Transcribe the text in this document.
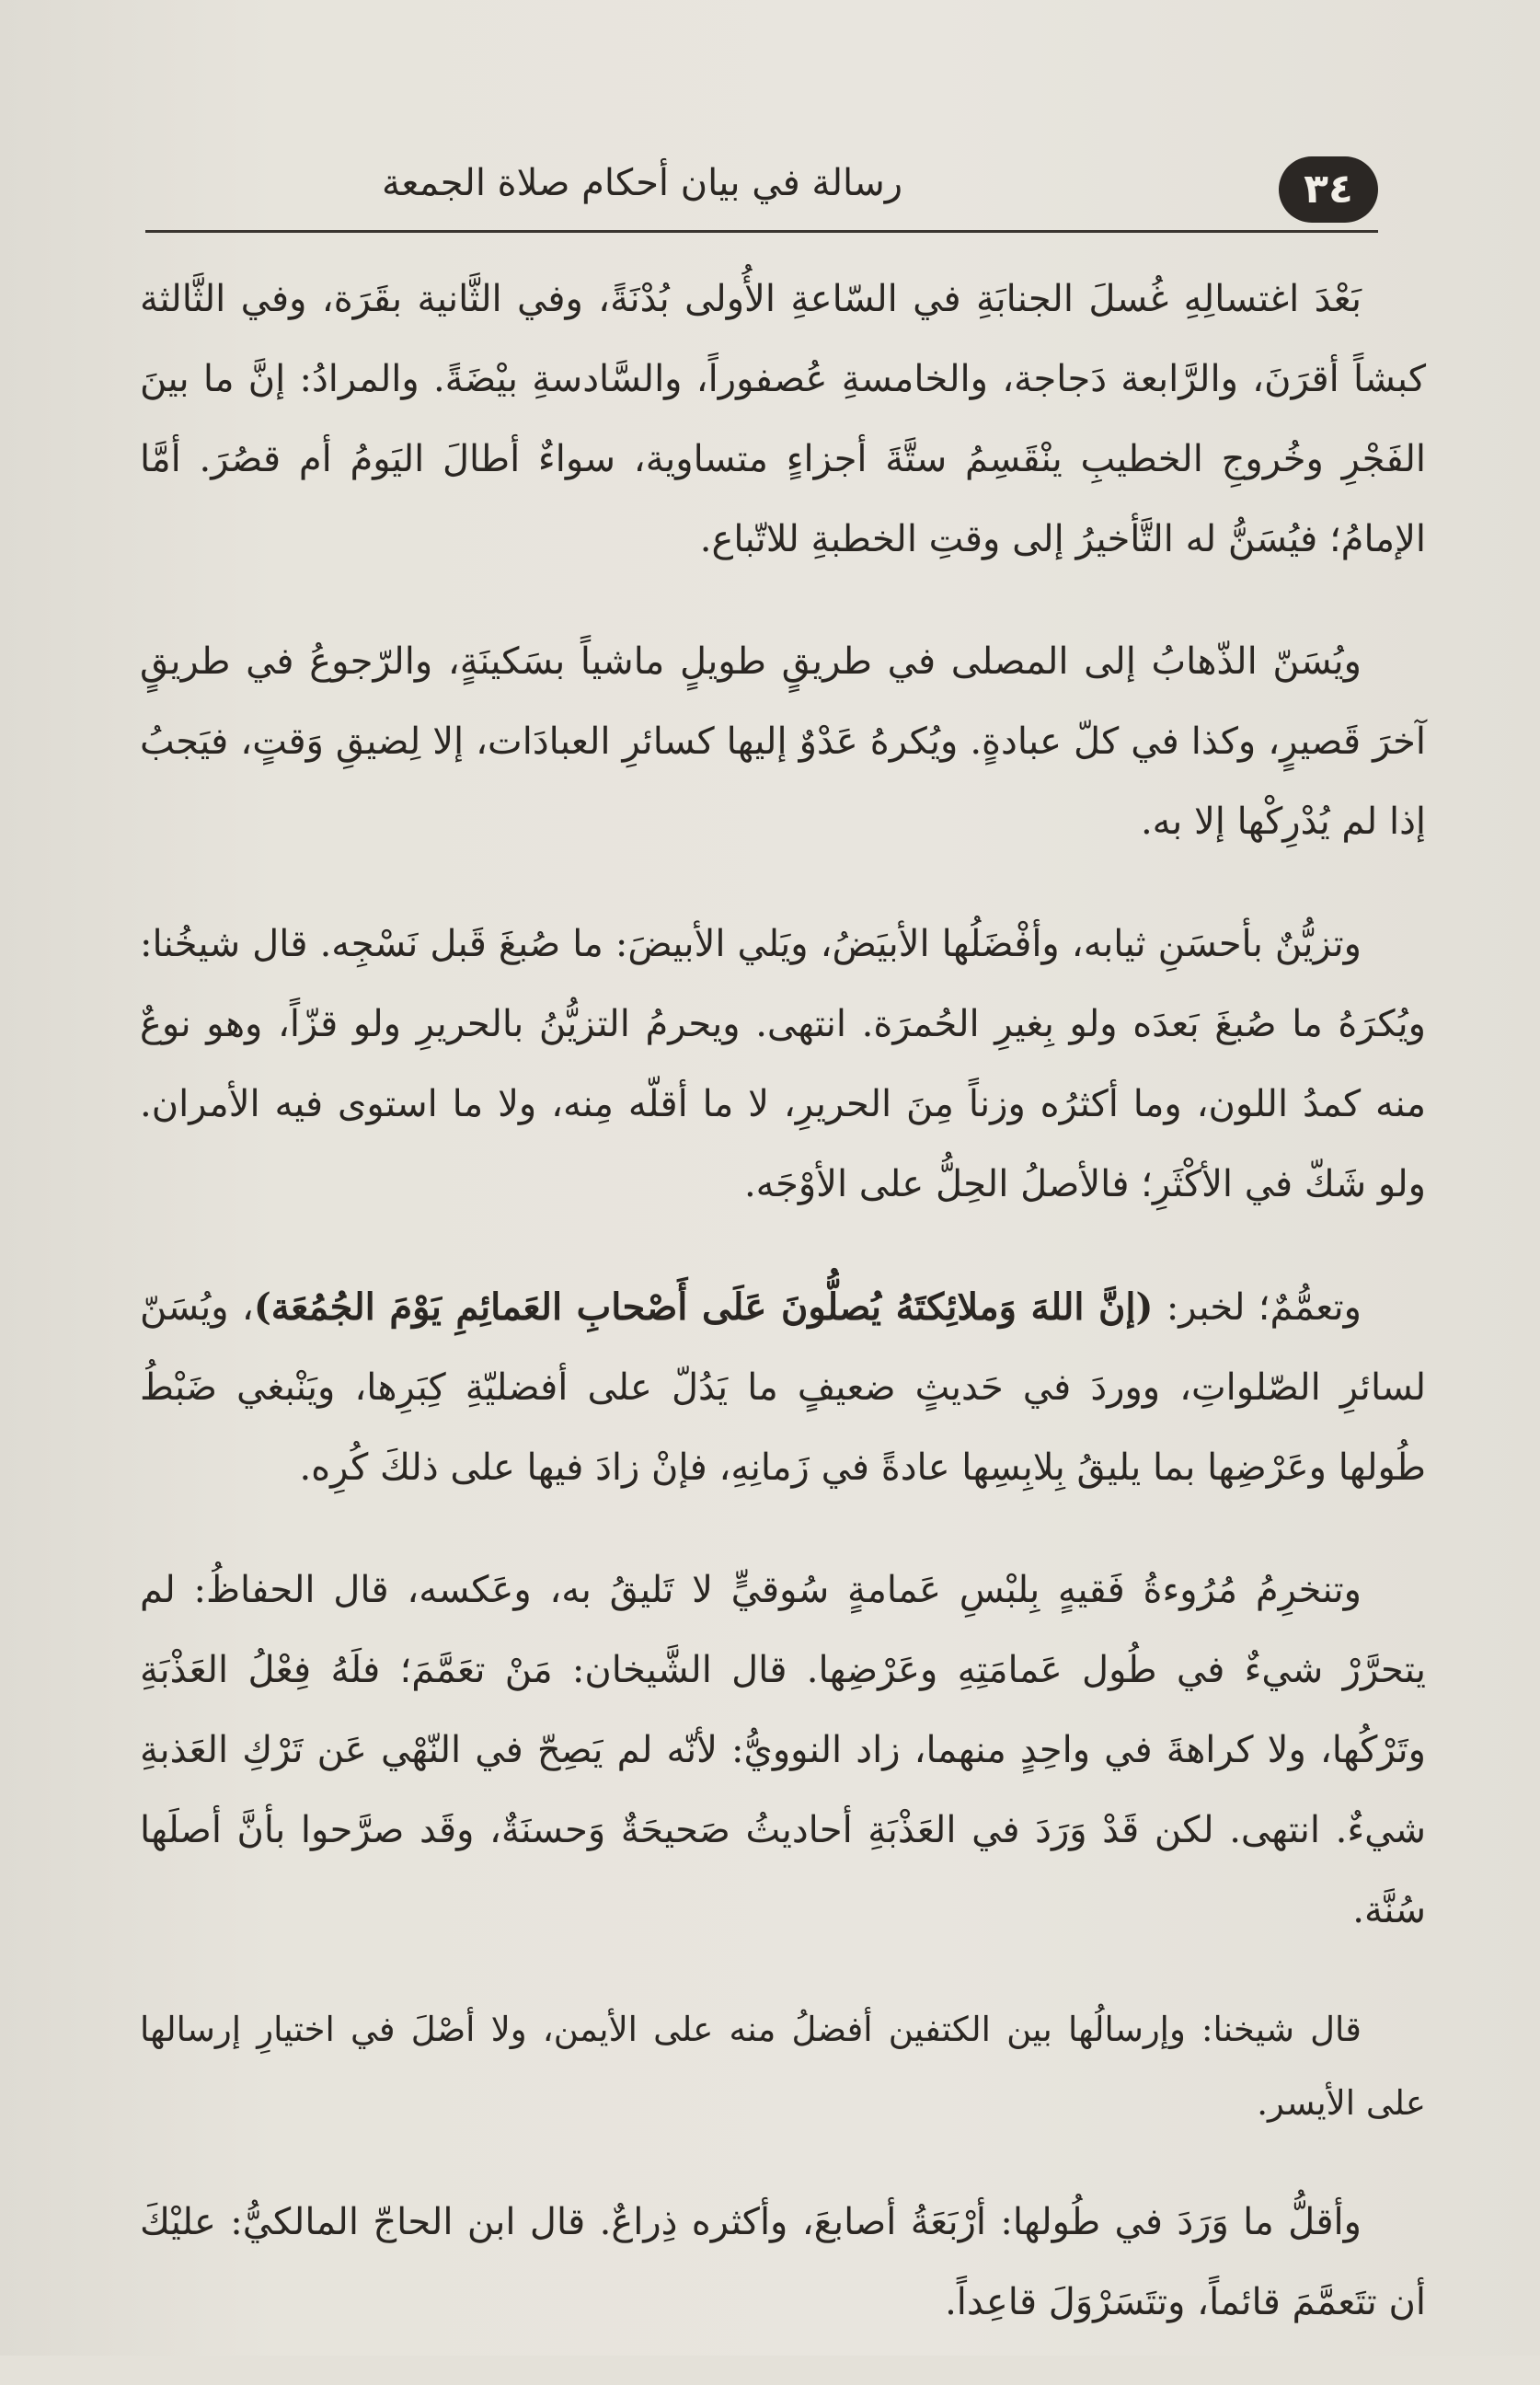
رسالة في بيان أحكام صلاة الجمعة	٣٤

بَعْدَ اغتسالِهِ غُسلَ الجنابَةِ في السّاعةِ الأُولى بُدْنَةً، وفي الثَّانية بقَرَة، وفي الثَّالثة كبشاً أقرَنَ، والرَّابعة دَجاجة، والخامسةِ عُصفوراً، والسَّادسةِ بيْضَةً. والمرادُ: إنَّ ما بينَ الفَجْرِ وخُروجِ الخطيبِ ينْقَسِمُ ستَّةَ أجزاءٍ متساوية، سواءٌ أطالَ اليَومُ أم قصُرَ. أمَّا الإمامُ؛ فيُسَنُّ له التَّأخيرُ إلى وقتِ الخطبةِ للاتّباع.

ويُسَنّ الذّهابُ إلى المصلى في طريقٍ طويلٍ ماشياً بسَكينَةٍ، والرّجوعُ في طريقٍ آخرَ قَصيرٍ، وكذا في كلّ عبادةٍ. ويُكرهُ عَدْوٌ إليها كسائرِ العبادَات، إلا لِضيقِ وَقتٍ، فيَجبُ إذا لم يُدْرِكْها إلا به.

وتزيُّنٌ بأحسَنِ ثيابه، وأفْضَلُها الأبيَضُ، ويَلي الأبيضَ: ما صُبغَ قَبل نَسْجِه. قال شيخُنا: ويُكرَهُ ما صُبغَ بَعدَه ولو بِغيرِ الحُمرَة. انتهى. ويحرمُ التزيُّنُ بالحريرِ ولو قزّاً، وهو نوعٌ منه كمدُ اللون، وما أكثرُه وزناً مِنَ الحريرِ، لا ما أقلّه مِنه، ولا ما استوى فيه الأمران. ولو شَكّ في الأكْثَرِ؛ فالأصلُ الحِلُّ على الأوْجَه.

وتعمُّمٌ؛ لخبر: (إنَّ اللهَ وَملائِكتَهُ يُصلُّونَ عَلَى أَصْحابِ العَمائِمِ يَوْمَ الجُمُعَة)، ويُسَنّ لسائرِ الصّلواتِ، ووردَ في حَديثٍ ضعيفٍ ما يَدُلّ على أفضليّةِ كِبَرِها، ويَنْبغي ضَبْطُ طُولها وعَرْضِها بما يليقُ بِلابِسِها عادةً في زَمانِهِ، فإنْ زادَ فيها على ذلكَ كُرِه.

وتنخرِمُ مُرُوءةُ فَقيهٍ بِلبْسِ عَمامةٍ سُوقيٍّ لا تَليقُ به، وعَكسه، قال الحفاظُ: لم يتحرَّرْ شيءٌ في طُول عَمامَتِهِ وعَرْضِها. قال الشَّيخان: مَنْ تعَمَّمَ؛ فلَهُ فِعْلُ العَذْبَةِ وتَرْكُها، ولا كراهةَ في واحِدٍ منهما، زاد النوويُّ: لأنّه لم يَصِحّ في النّهْي عَن تَرْكِ العَذبةِ شيءٌ. انتهى. لكن قَدْ وَرَدَ في العَذْبَةِ أحاديثُ صَحيحَةٌ وَحسنَةٌ، وقَد صرَّحوا بأنَّ أصلَها سُنَّة.

قال شيخنا: وإرسالُها بين الكتفين أفضلُ منه على الأيمن، ولا أصْلَ في اختيارِ إرسالها على الأيسر.

وأقلُّ ما وَرَدَ في طُولها: أرْبَعَةُ أصابعَ، وأكثره ذِراعٌ. قال ابن الحاجّ المالكيُّ: عليْكَ أن تتَعمَّمَ قائماً، وتتَسَرْوَلَ قاعِداً.
